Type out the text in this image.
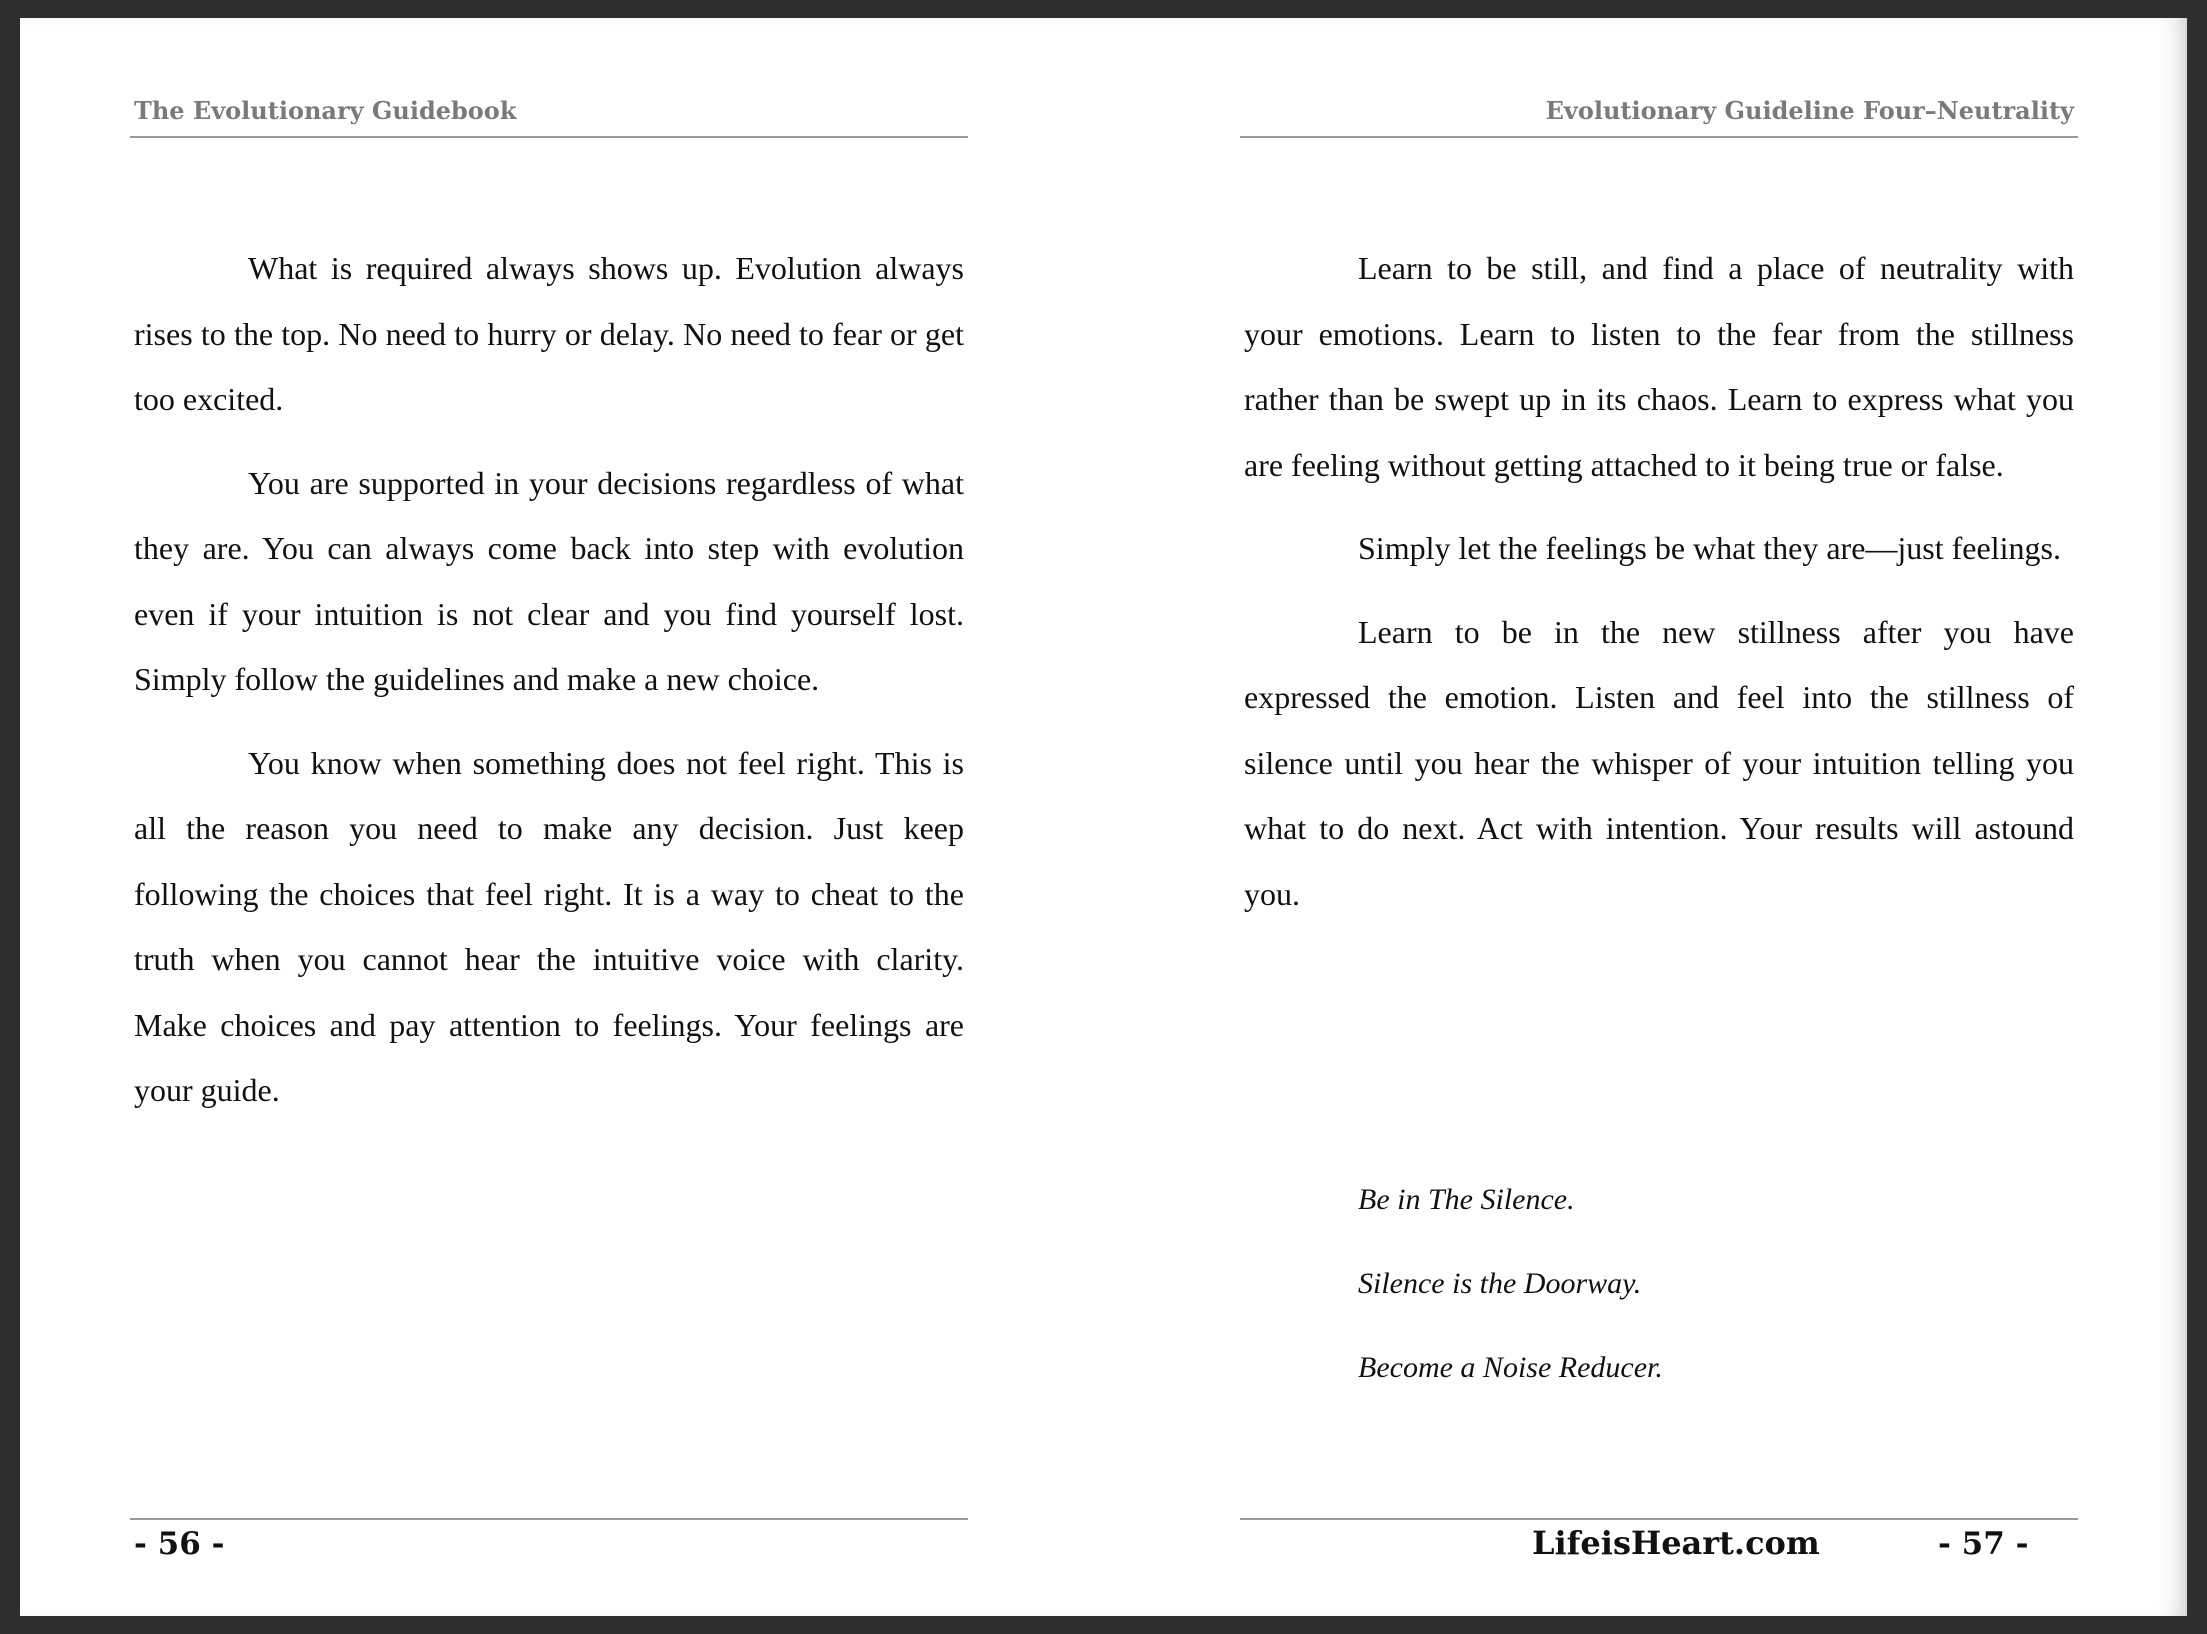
The Evolutionary Guidebook

What is required always shows up. Evolution always rises to the top. No need to hurry or delay. No need to fear or get too excited.

You are supported in your decisions regardless of what they are. You can always come back into step with evolution even if your intuition is not clear and you find yourself lost. Simply follow the guidelines and make a new choice.

You know when something does not feel right. This is all the reason you need to make any decision. Just keep following the choices that feel right. It is a way to cheat to the truth when you cannot hear the intuitive voice with clarity. Make choices and pay attention to feelings. Your feelings are your guide.

- 56 -
Evolutionary Guideline Four–Neutrality

Learn to be still, and find a place of neutrality with your emotions. Learn to listen to the fear from the stillness rather than be swept up in its chaos. Learn to express what you are feeling without getting attached to it being true or false.

Simply let the feelings be what they are—just feelings.

Learn to be in the new stillness after you have expressed the emotion. Listen and feel into the stillness of silence until you hear the whisper of your intuition telling you what to do next. Act with intention. Your results will astound you.

Be in The Silence.
Silence is the Doorway.
Become a Noise Reducer.
LifeisHeart.com	- 57 -
